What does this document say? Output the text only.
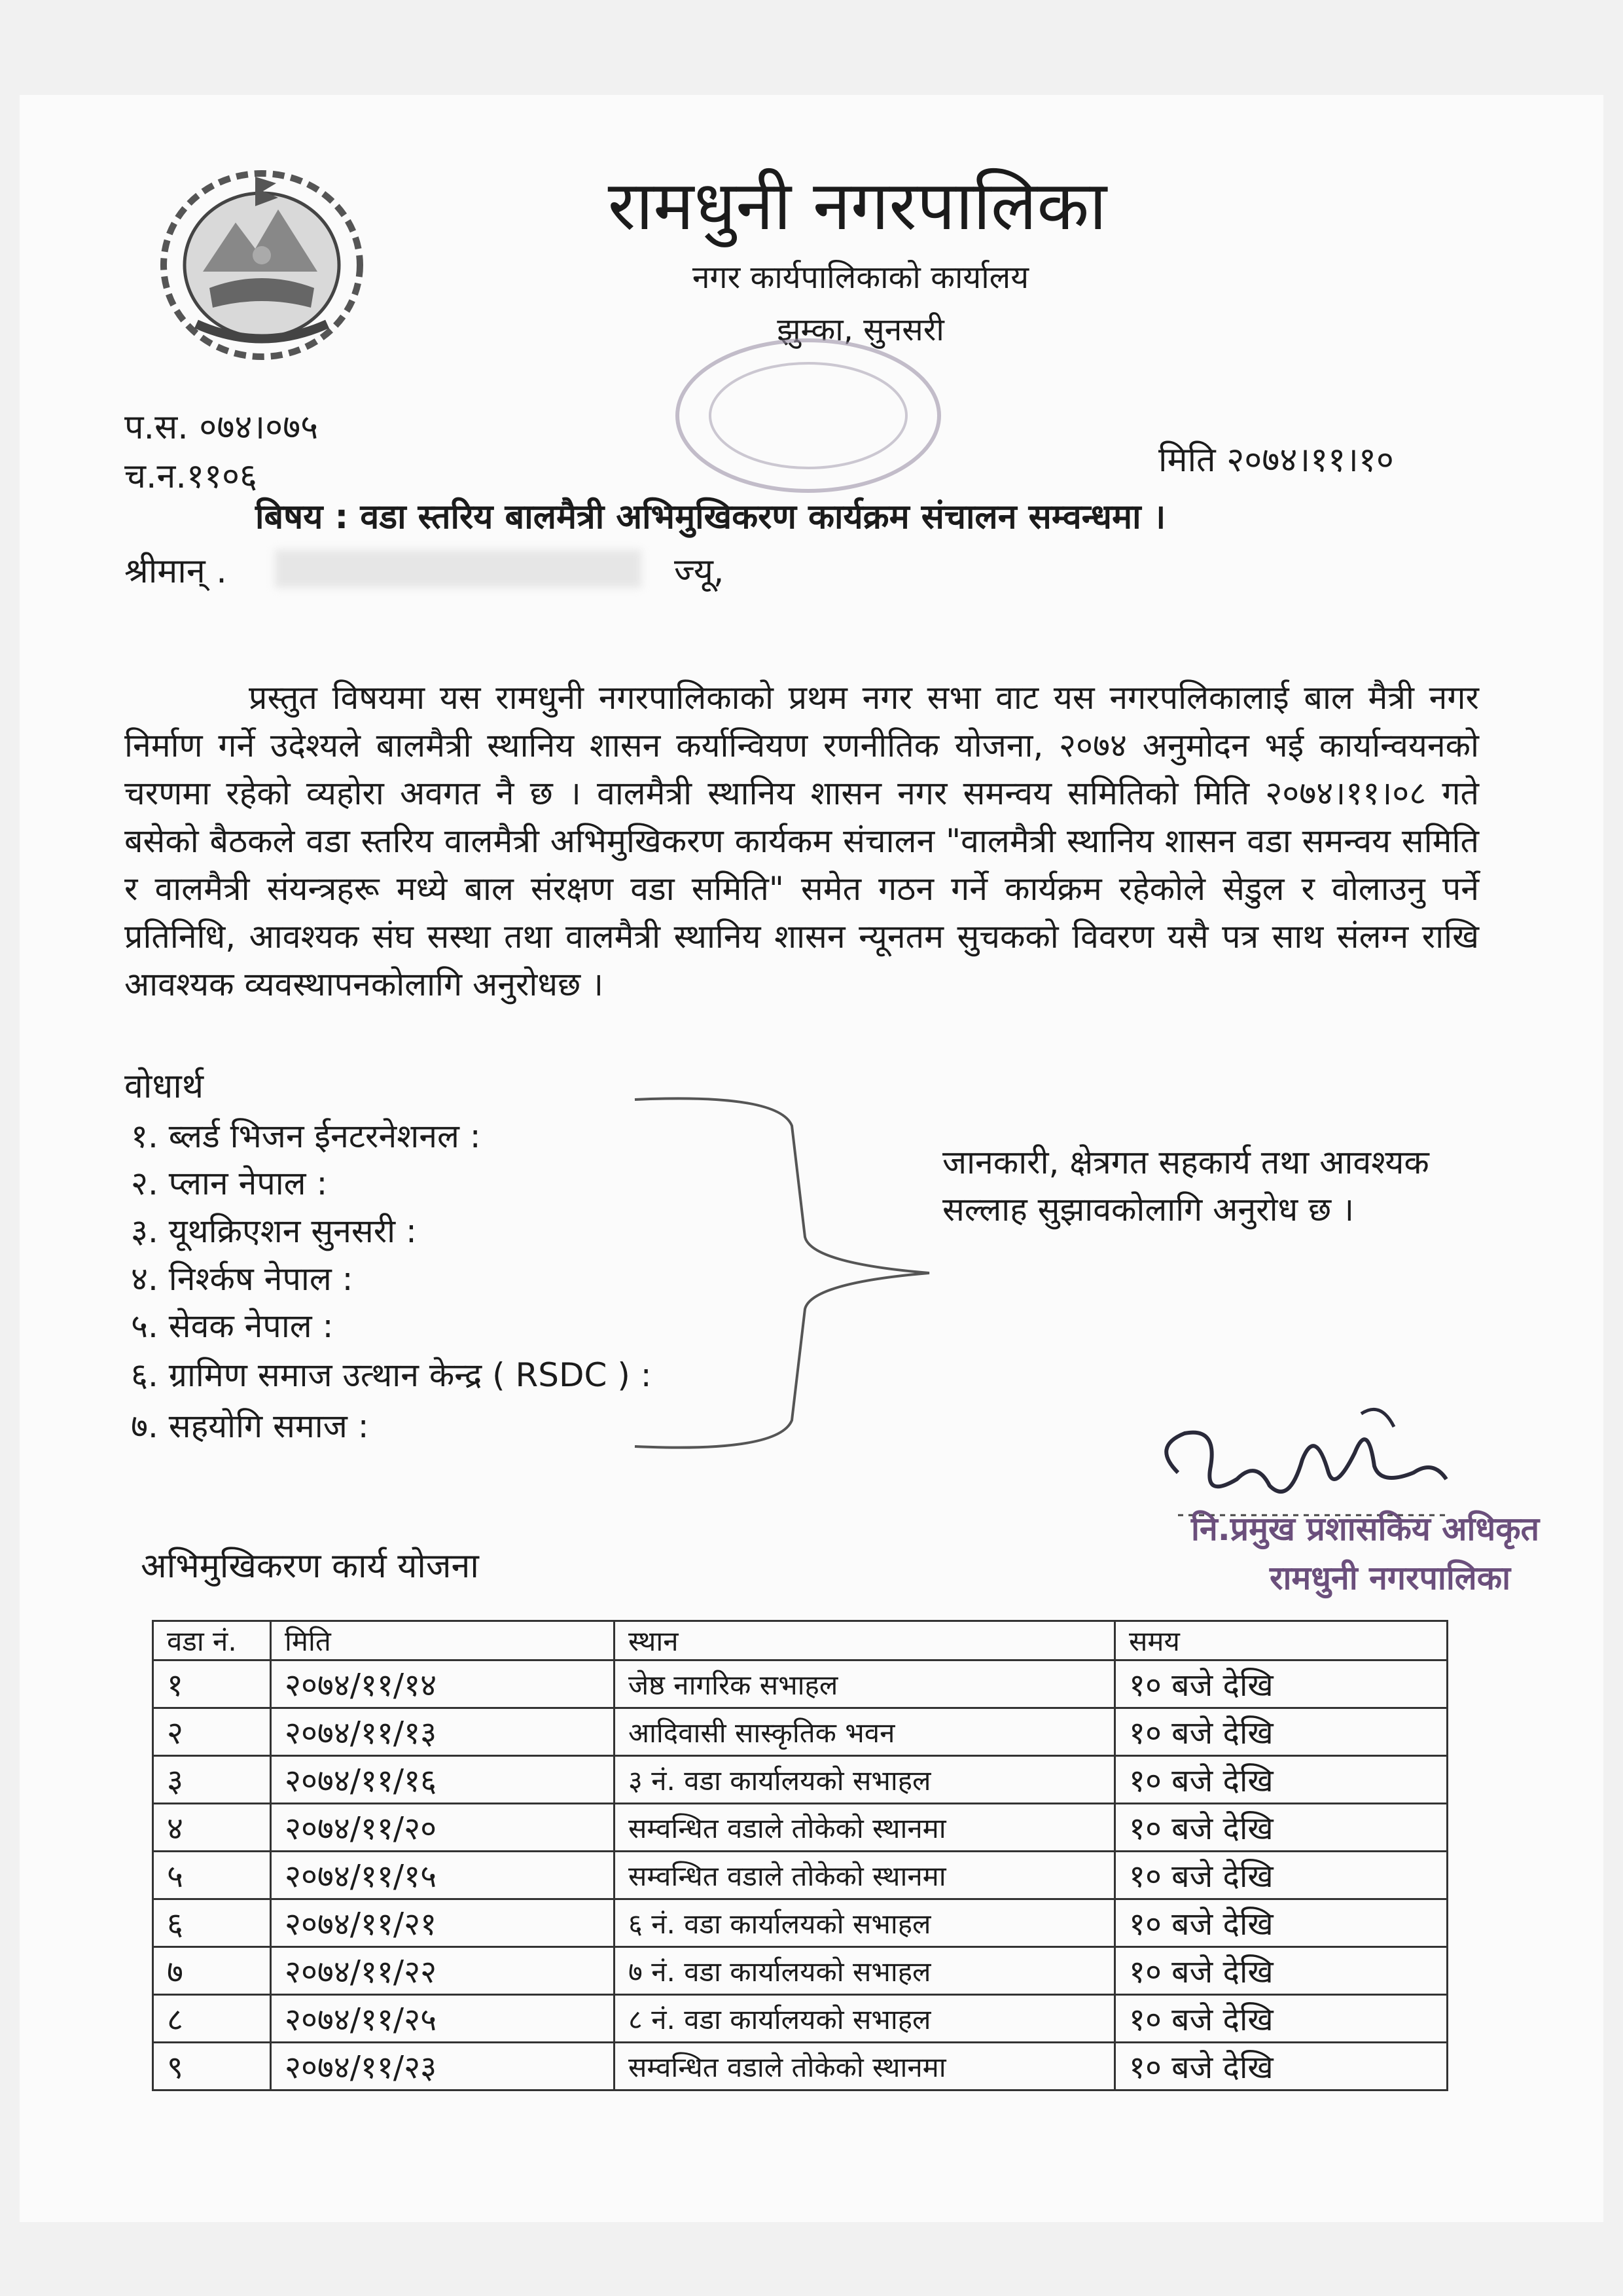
रामधुनी नगरपालिका
नगर कार्यपालिकाको कार्यालय
झुम्का, सुनसरी
प.स. ०७४।०७५
च.न.११०६	मिति २०७४।११।१०
बिषय : वडा स्तरिय बालमैत्री अभिमुखिकरण कार्यक्रम संचालन सम्वन्धमा ।
श्रीमान् .	ज्यू,
प्रस्तुत विषयमा यस रामधुनी नगरपालिकाको प्रथम नगर सभा वाट यस नगरपलिकालाई बाल मैत्री नगर निर्माण गर्ने उदेश्यले बालमैत्री स्थानिय शासन कर्यान्वियण रणनीतिक योजना, २०७४ अनुमोदन भई कार्यान्वयनको चरणमा रहेको व्यहोरा अवगत नै छ । वालमैत्री स्थानिय शासन नगर समन्वय समितिको मिति २०७४।११।०८ गते बसेको बैठकले वडा स्तरिय वालमैत्री अभिमुखिकरण कार्यकम संचालन "वालमैत्री स्थानिय शासन वडा समन्वय समिति र वालमैत्री संयन्त्रहरू मध्ये बाल संरक्षण वडा समिति" समेत गठन गर्ने कार्यक्रम रहेकोले सेडुल र वोलाउनु पर्ने प्रतिनिधि, आवश्यक संघ सस्था तथा वालमैत्री स्थानिय शासन न्यूनतम सुचकको विवरण यसै पत्र साथ संलग्न राखि आवश्यक व्यवस्थापनकोलागि अनुरोधछ ।
वोधार्थ
१. ब्लर्ड भिजन ईनटरनेशनल :
२. प्लान नेपाल :
३. यूथक्रिएशन सुनसरी :
४. निर्श्कष नेपाल :
५. सेवक नेपाल :
६. ग्रामिण समाज उत्थान केन्द्र ( RSDC ) :
७. सहयोगि समाज :
जानकारी, क्षेत्रगत सहकार्य तथा आवश्यक सल्लाह सुझावकोलागि अनुरोध छ ।
नि.प्रमुख प्रशासकिय अधिकृत
रामधुनी नगरपालिका
अभिमुखिकरण कार्य योजना
वडा नं.	मिति	स्थान	समय
१	२०७४/११/१४	जेष्ठ नागरिक सभाहल	१० बजे देखि
२	२०७४/११/१३	आदिवासी सास्कृतिक भवन	१० बजे देखि
३	२०७४/११/१६	३ नं. वडा कार्यालयको सभाहल	१० बजे देखि
४	२०७४/११/२०	सम्वन्धित वडाले तोकेको स्थानमा	१० बजे देखि
५	२०७४/११/१५	सम्वन्धित वडाले तोकेको स्थानमा	१० बजे देखि
६	२०७४/११/२१	६ नं. वडा कार्यालयको सभाहल	१० बजे देखि
७	२०७४/११/२२	७ नं. वडा कार्यालयको सभाहल	१० बजे देखि
८	२०७४/११/२५	८ नं. वडा कार्यालयको सभाहल	१० बजे देखि
९	२०७४/११/२३	सम्वन्धित वडाले तोकेको स्थानमा	१० बजे देखि
